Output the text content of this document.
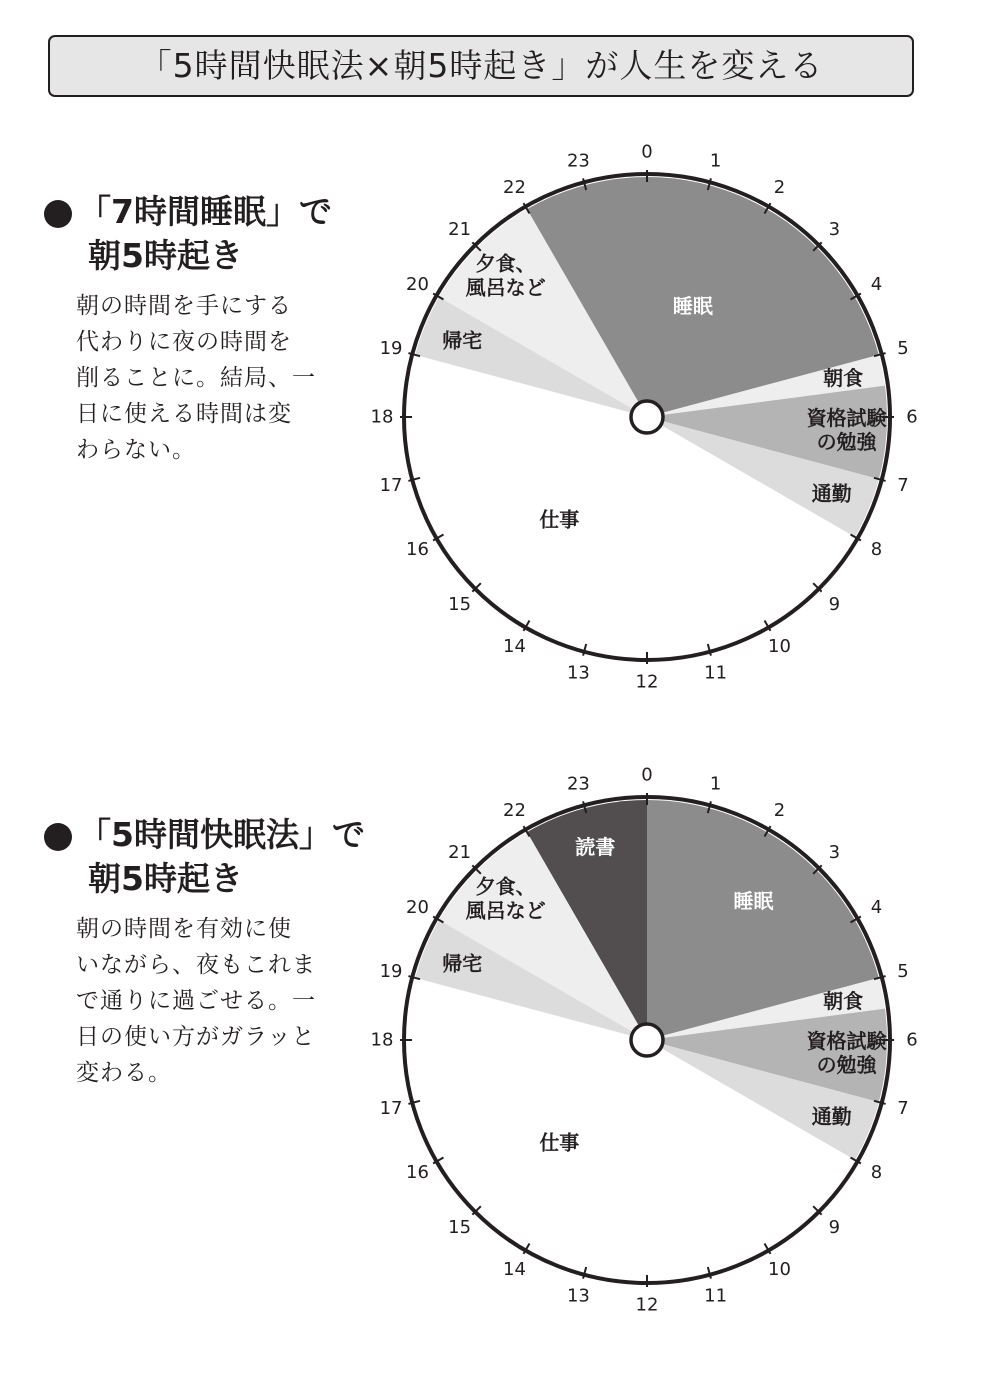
「5時間快眠法×朝5時起き」が人生を変える
「7時間睡眠」で
朝5時起き
朝の時間を手にする
代わりに夜の時間を
削ることに。結局、一
日に使える時間は変
わらない。
0	1
2
3
4
5
6
7
8
9
10
11
12
13
14
15
16
17
18
19
20
21
22
23
睡眠
朝食
資格試験
の勉強
通勤
仕事
帰宅
夕食、
風呂など
「5時間快眠法」で
朝5時起き
朝の時間を有効に使
いながら、夜もこれま
で通りに過ごせる。一
日の使い方がガラッと
変わる。
0	1
2
3
4
5
6
7
8
9
10
11
12
13
14
15
16
17
18
19
20
21
22
23
読書
睡眠
朝食
資格試験
の勉強
通勤
仕事
帰宅
夕食、
風呂など
